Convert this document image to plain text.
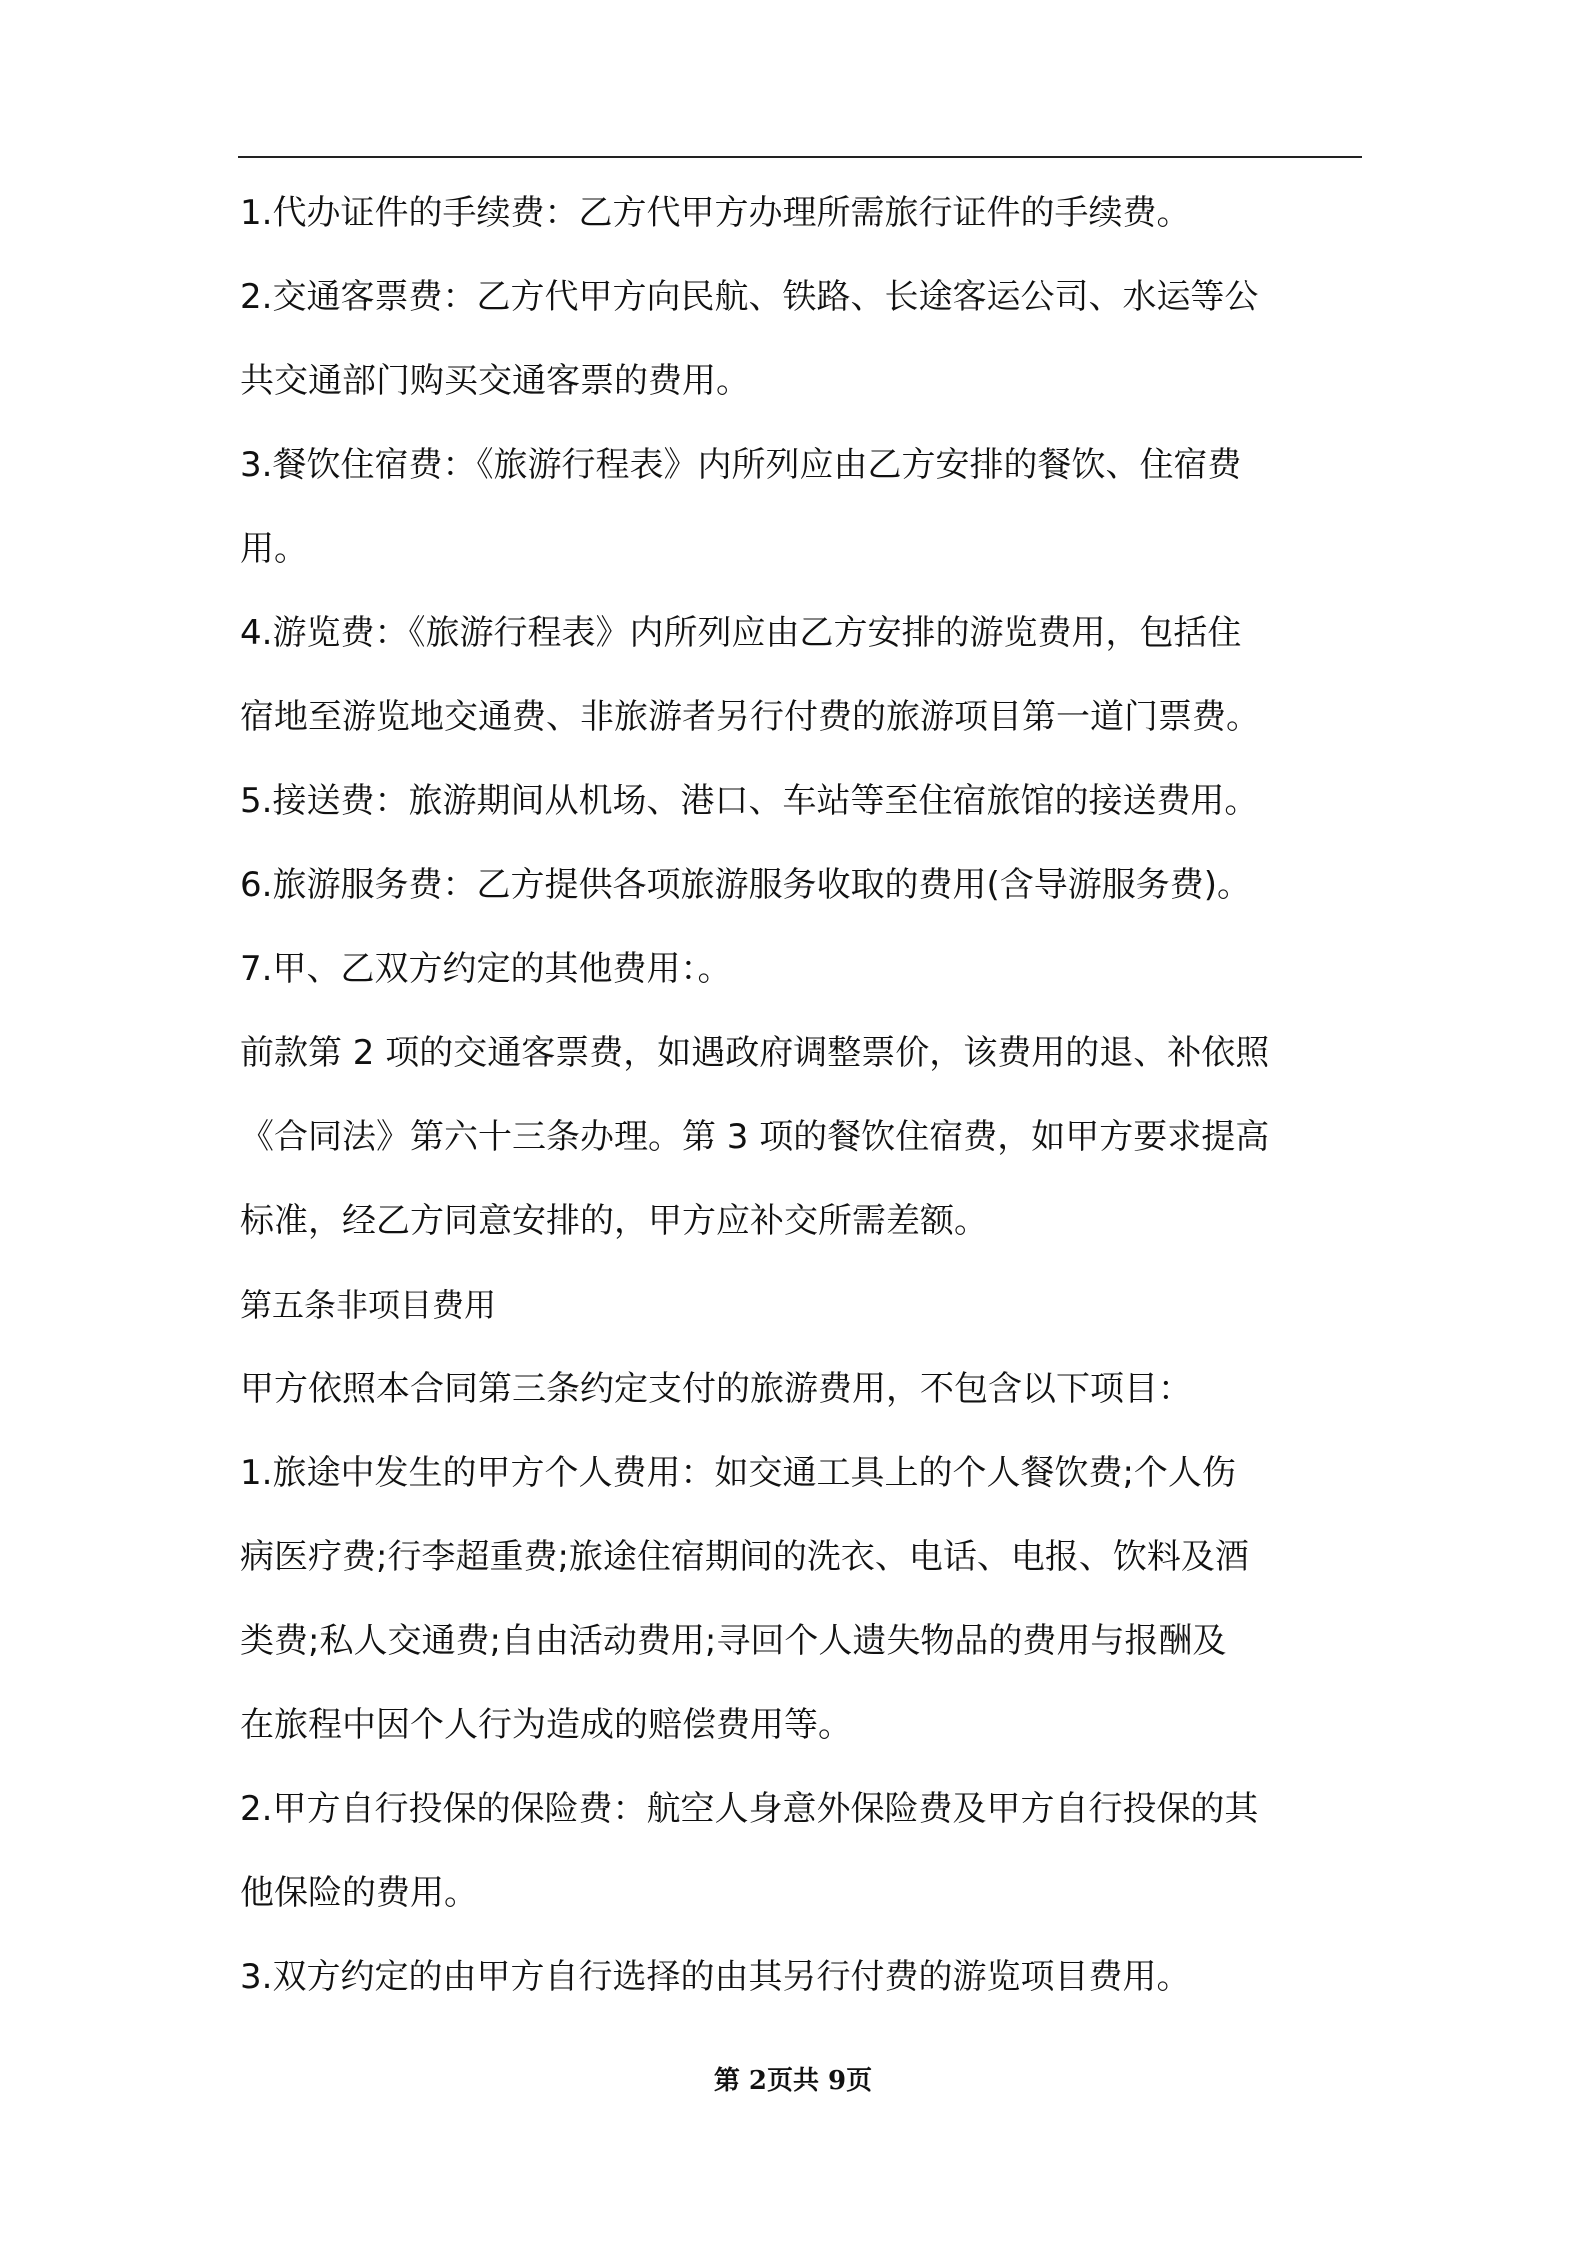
1.代办证件的手续费：乙方代甲方办理所需旅行证件的手续费。
2.交通客票费：乙方代甲方向民航、铁路、长途客运公司、水运等公
共交通部门购买交通客票的费用。
3.餐饮住宿费：《旅游行程表》内所列应由乙方安排的餐饮、住宿费
用。
4.游览费：《旅游行程表》内所列应由乙方安排的游览费用，包括住
宿地至游览地交通费、非旅游者另行付费的旅游项目第一道门票费。
5.接送费：旅游期间从机场、港口、车站等至住宿旅馆的接送费用。
6.旅游服务费：乙方提供各项旅游服务收取的费用(含导游服务费)。
7.甲、乙双方约定的其他费用：。
前款第 2 项的交通客票费，如遇政府调整票价，该费用的退、补依照
《合同法》第六十三条办理。第 3 项的餐饮住宿费，如甲方要求提高
标准，经乙方同意安排的，甲方应补交所需差额。
第五条非项目费用
甲方依照本合同第三条约定支付的旅游费用，不包含以下项目：
1.旅途中发生的甲方个人费用：如交通工具上的个人餐饮费;个人伤
病医疗费;行李超重费;旅途住宿期间的洗衣、电话、电报、饮料及酒
类费;私人交通费;自由活动费用;寻回个人遗失物品的费用与报酬及
在旅程中因个人行为造成的赔偿费用等。
2.甲方自行投保的保险费：航空人身意外保险费及甲方自行投保的其
他保险的费用。
3.双方约定的由甲方自行选择的由其另行付费的游览项目费用。
第 2页共 9页
